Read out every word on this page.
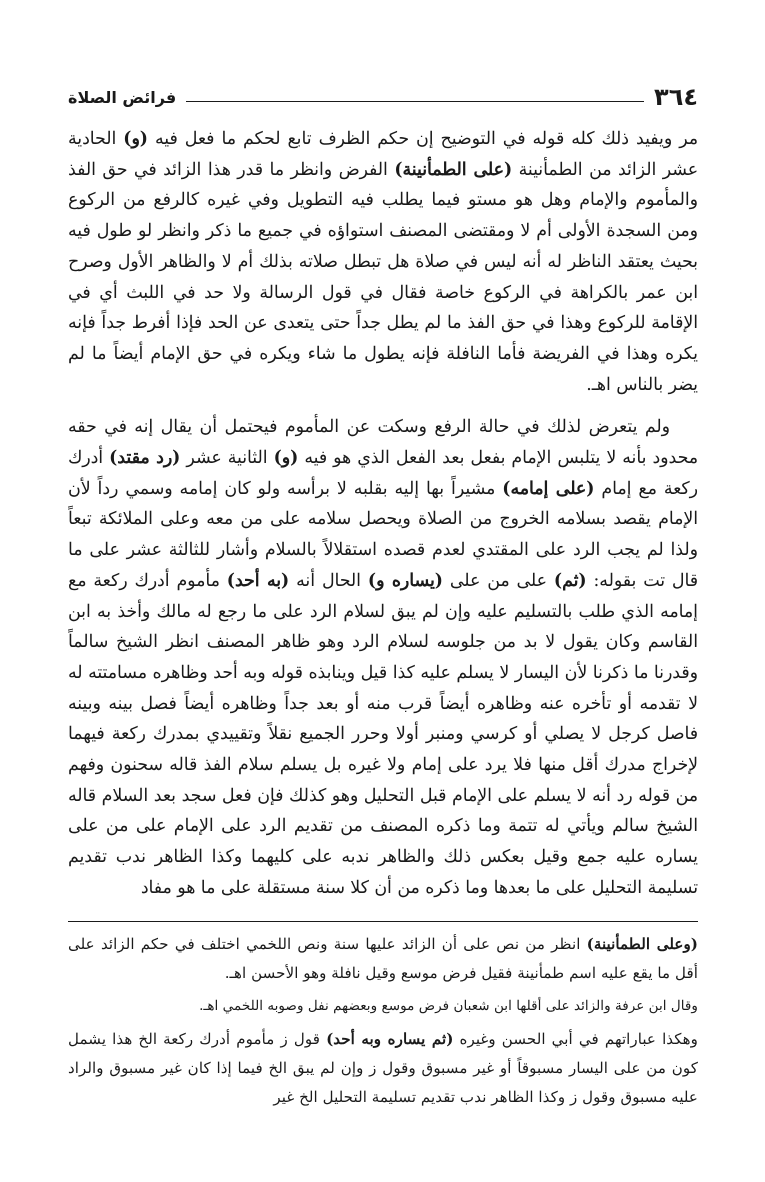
٣٦٤
فرائض الصلاة

مر ويفيد ذلك كله قوله في التوضيح إن حكم الظرف تابع لحكم ما فعل فيه (و) الحادية عشر الزائد من الطمأنينة (على الطمأنينة) الفرض وانظر ما قدر هذا الزائد في حق الفذ والمأموم والإمام وهل هو مستو فيما يطلب فيه التطويل وفي غيره كالرفع من الركوع ومن السجدة الأولى أم لا ومقتضى المصنف استواؤه في جميع ما ذكر وانظر لو طول فيه بحيث يعتقد الناظر له أنه ليس في صلاة هل تبطل صلاته بذلك أم لا والظاهر الأول وصرح ابن عمر بالكراهة في الركوع خاصة فقال في قول الرسالة ولا حد في اللبث أي في الإقامة للركوع وهذا في حق الفذ ما لم يطل جداً حتى يتعدى عن الحد فإذا أفرط جداً فإنه يكره وهذا في الفريضة فأما النافلة فإنه يطول ما شاء ويكره في حق الإمام أيضاً ما لم يضر بالناس اهـ.

ولم يتعرض لذلك في حالة الرفع وسكت عن المأموم فيحتمل أن يقال إنه في حقه محدود بأنه لا يتلبس الإمام بفعل بعد الفعل الذي هو فيه (و) الثانية عشر (رد مقتد) أدرك ركعة مع إمام (على إمامه) مشيراً بها إليه بقلبه لا برأسه ولو كان إمامه وسمي رداً لأن الإمام يقصد بسلامه الخروج من الصلاة ويحصل سلامه على من معه وعلى الملائكة تبعاً ولذا لم يجب الرد على المقتدي لعدم قصده استقلالاً بالسلام وأشار للثالثة عشر على ما قال تت بقوله: (ثم) على من على (يساره و) الحال أنه (به أحد) مأموم أدرك ركعة مع إمامه الذي طلب بالتسليم عليه وإن لم يبق لسلام الرد على ما رجع له مالك وأخذ به ابن القاسم وكان يقول لا بد من جلوسه لسلام الرد وهو ظاهر المصنف انظر الشيخ سالماً وقدرنا ما ذكرنا لأن اليسار لا يسلم عليه كذا قيل وينابذه قوله وبه أحد وظاهره مسامتته له لا تقدمه أو تأخره عنه وظاهره أيضاً قرب منه أو بعد جداً وظاهره أيضاً فصل بينه وبينه فاصل كرجل لا يصلي أو كرسي ومنبر أولا وحرر الجميع نقلاً وتقييدي بمدرك ركعة فيهما لإخراج مدرك أقل منها فلا يرد على إمام ولا غيره بل يسلم سلام الفذ قاله سحنون وفهم من قوله رد أنه لا يسلم على الإمام قبل التحليل وهو كذلك فإن فعل سجد بعد السلام قاله الشيخ سالم ويأتي له تتمة وما ذكره المصنف من تقديم الرد على الإمام على من على يساره عليه جمع وقيل بعكس ذلك والظاهر ندبه على كليهما وكذا الظاهر ندب تقديم تسليمة التحليل على ما بعدها وما ذكره من أن كلا سنة مستقلة على ما هو مفاد

(وعلى الطمأنينة) انظر من نص على أن الزائد عليها سنة ونص اللخمي اختلف في حكم الزائد على أقل ما يقع عليه اسم طمأنينة فقيل فرض موسع وقيل نافلة وهو الأحسن اهـ.

وقال ابن عرفة والزائد على أقلها ابن شعبان فرض موسع وبعضهم نفل وصوبه اللخمي اهـ.

وهكذا عباراتهم في أبي الحسن وغيره (ثم يساره وبه أحد) قول ز مأموم أدرك ركعة الخ هذا يشمل كون من على اليسار مسبوقاً أو غير مسبوق وقول ز وإن لم يبق الخ فيما إذا كان غير مسبوق والراد عليه مسبوق وقول ز وكذا الظاهر ندب تقديم تسليمة التحليل الخ غير
